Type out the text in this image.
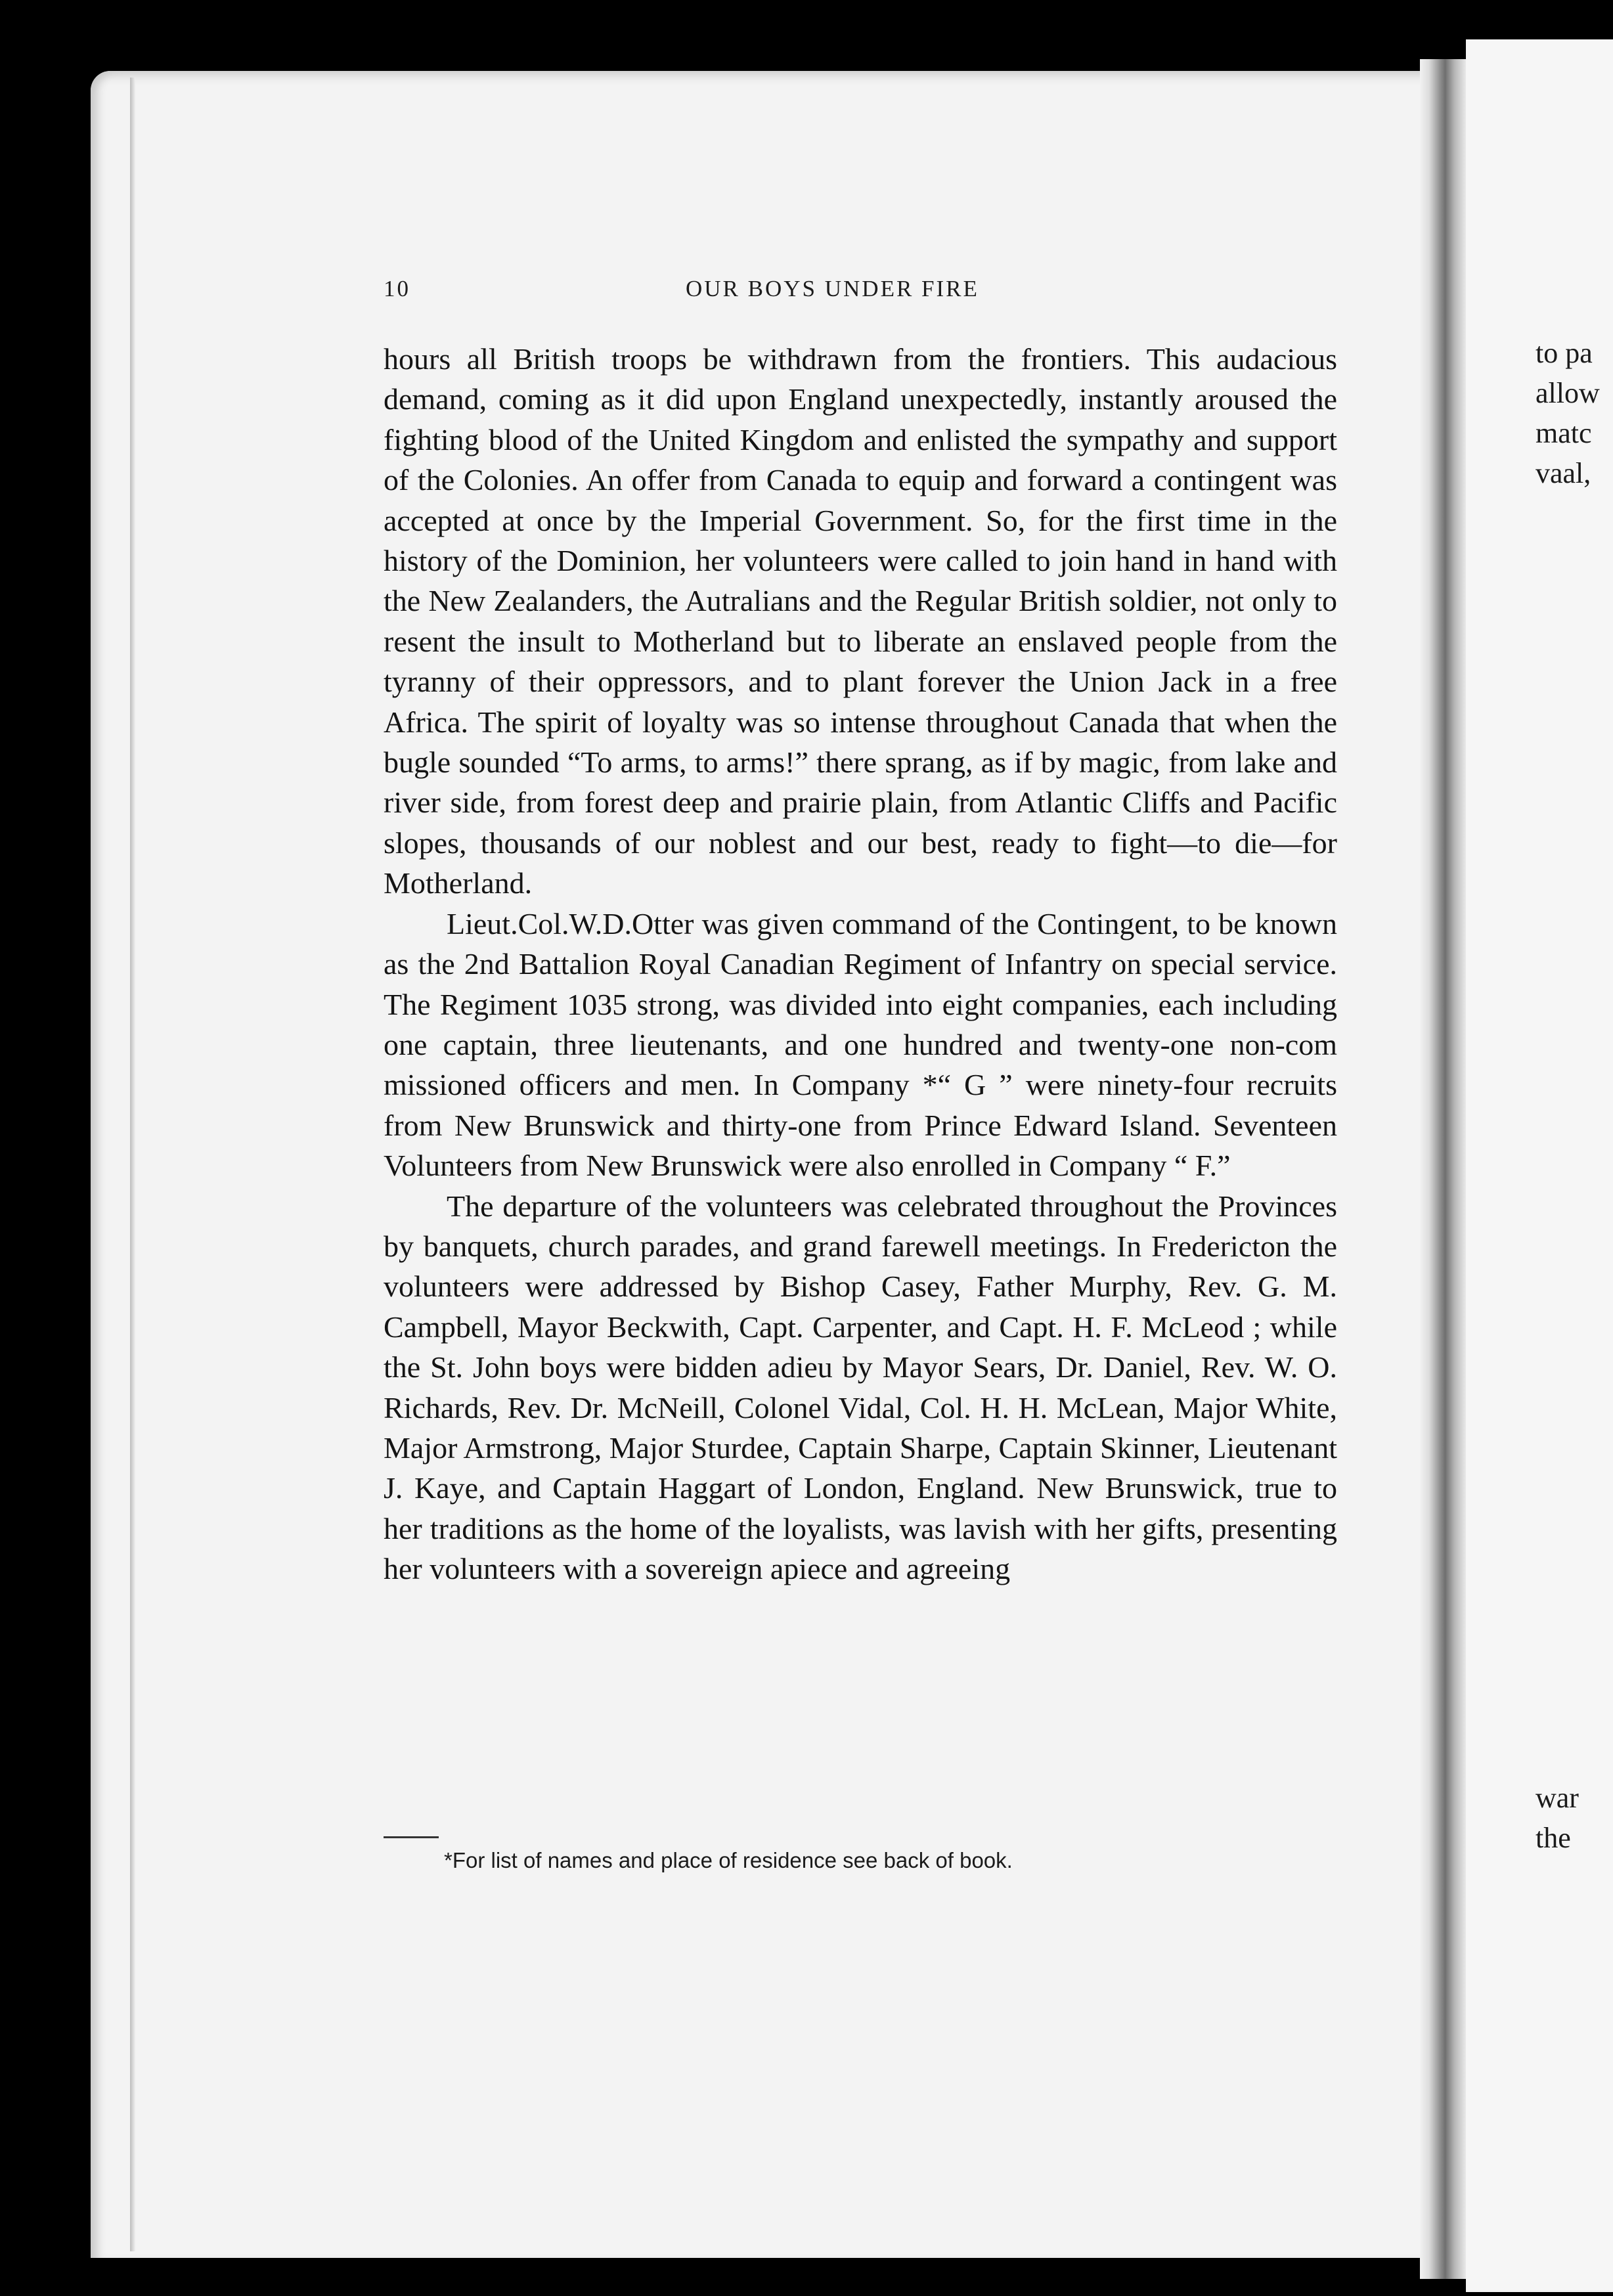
10	OUR BOYS UNDER FIRE

hours all British troops be withdrawn from the frontiers. This audacious demand, coming as it did upon England unexpectedly, instantly aroused the fighting blood of the United Kingdom and enlisted the sympathy and support of the Colonies. An offer from Canada to equip and forward a contingent was accepted at once by the Imperial Government. So, for the first time in the history of the Dominion, her volunteers were called to join hand in hand with the New Zealanders, the Autralians and the Regular British soldier, not only to resent the insult to Motherland but to liberate an enslaved people from the tyranny of their oppressors, and to plant forever the Union Jack in a free Africa. The spirit of loyalty was so intense throughout Canada that when the bugle sounded “To arms, to arms!” there sprang, as if by magic, from lake and river side, from forest deep and prairie plain, from Atlantic Cliffs and Pacific slopes, thousands of our noblest and our best, ready to fight—to die—for Motherland.

Lieut.Col.W.D.Otter was given command of the Contingent, to be known as the 2nd Battalion Royal Canadian Regiment of Infantry on special service. The Regiment 1035 strong, was divided into eight companies, each including one captain, three lieutenants, and one hundred and twenty-one non-com missioned officers and men. In Company *“ G ” were ninety-four recruits from New Brunswick and thirty-one from Prince Edward Island. Seventeen Volunteers from New Brunswick were also enrolled in Company “ F.”

The departure of the volunteers was celebrated throughout the Provinces by banquets, church parades, and grand farewell meetings. In Fredericton the volunteers were addressed by Bishop Casey, Father Murphy, Rev. G. M. Campbell, Mayor Beckwith, Capt. Carpenter, and Capt. H. F. McLeod ; while the St. John boys were bidden adieu by Mayor Sears, Dr. Daniel, Rev. W. O. Richards, Rev. Dr. McNeill, Colonel Vidal, Col. H. H. McLean, Major White, Major Armstrong, Major Sturdee, Captain Sharpe, Captain Skinner, Lieutenant J. Kaye, and Captain Haggart of London, England. New Brunswick, true to her traditions as the home of the loyalists, was lavish with her gifts, presenting her volunteers with a sovereign apiece and agreeing

*For list of names and place of residence see back of book.
to pa
allow
matc
vaal,
war
the
